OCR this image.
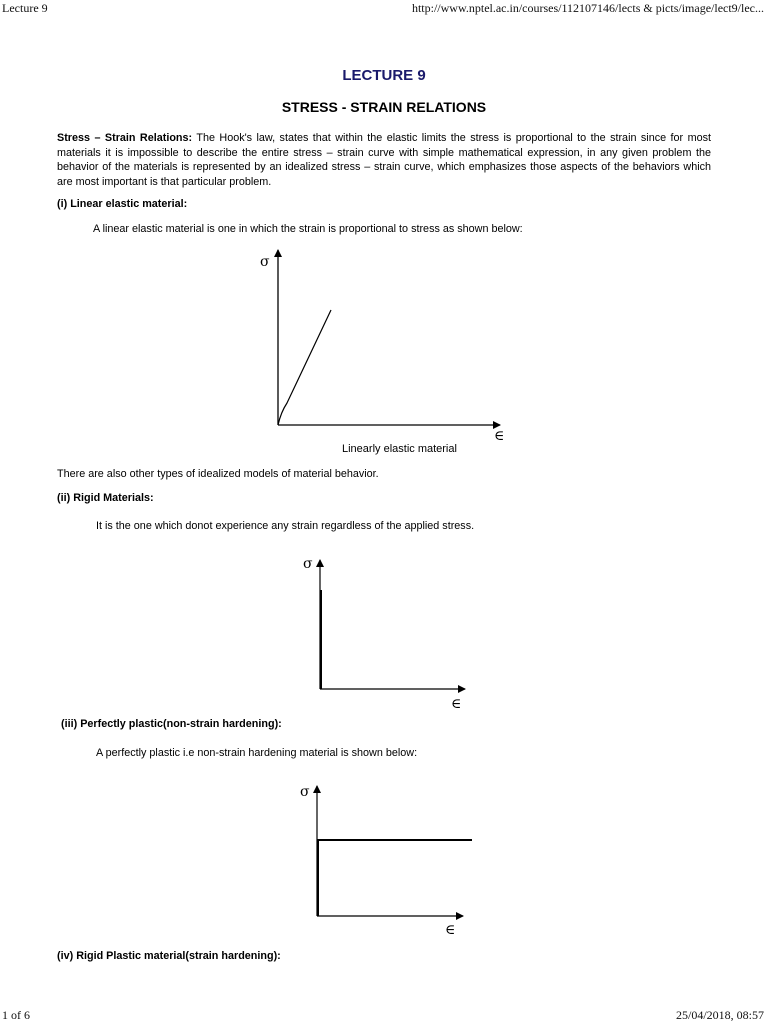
Lecture 9	http://www.nptel.ac.in/courses/112107146/lects & picts/image/lect9/lec...
1 of 6	25/04/2018, 08:57
LECTURE 9
STRESS - STRAIN RELATIONS
Stress – Strain Relations: The Hook's law, states that within the elastic limits the stress is proportional to the strain since for most materials it is impossible to describe the entire stress – strain curve with simple mathematical expression, in any given problem the behavior of the materials is represented by an idealized stress – strain curve, which emphasizes those aspects of the behaviors which are most important is that particular problem.
(i) Linear elastic material:
A linear elastic material is one in which the strain is proportional to stress as shown below:
σ
∈
Linearly elastic material
There are also other types of idealized models of material behavior.
(ii) Rigid Materials:
It is the one which donot experience any strain regardless of the applied stress.
σ
∈
(iii) Perfectly plastic(non-strain hardening):
A perfectly plastic i.e non-strain hardening material is shown below:
σ
∈
(iv) Rigid Plastic material(strain hardening):
